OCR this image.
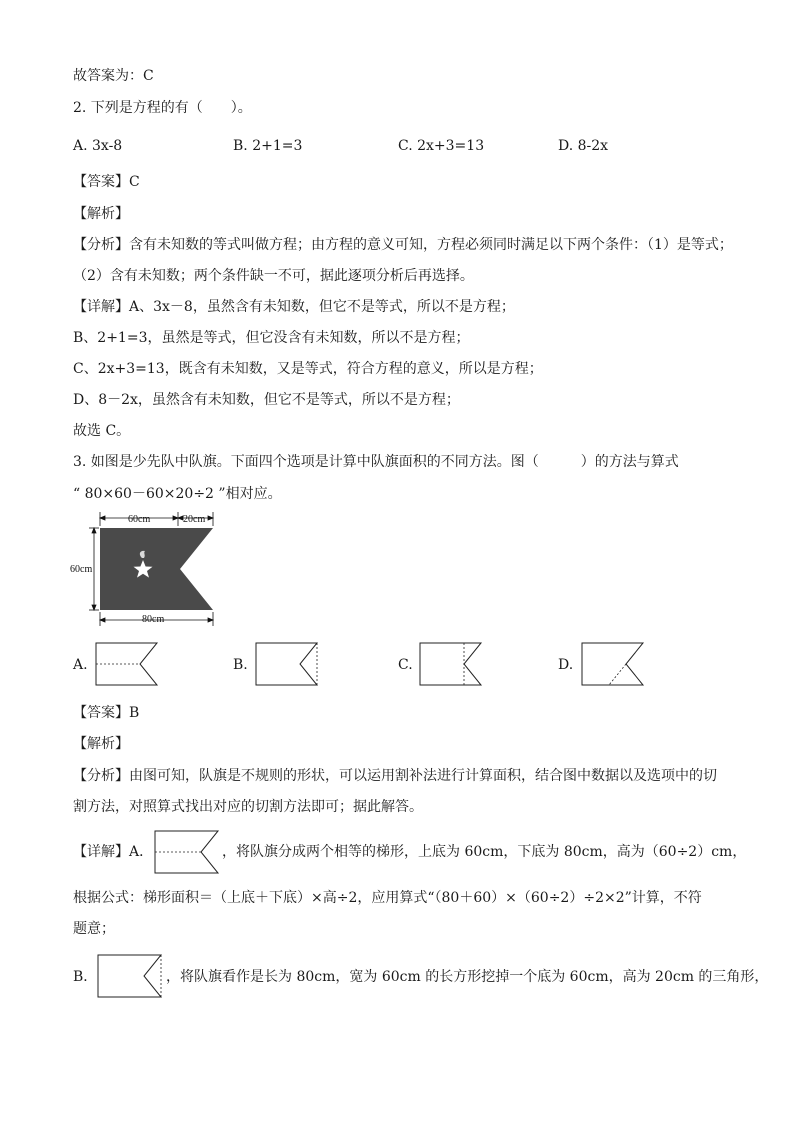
故答案为：C
2. 下列是方程的有（　　）。
A. 3x-8	B. 2+1=3	C. 2x+3=13	D. 8-2x
【答案】C
【解析】
【分析】含有未知数的等式叫做方程；由方程的意义可知，方程必须同时满足以下两个条件：（1）是等式；
（2）含有未知数；两个条件缺一不可，据此逐项分析后再选择。
【详解】A、3x－8，虽然含有未知数，但它不是等式，所以不是方程；
B、2+1=3，虽然是等式，但它没含有未知数，所以不是方程；
C、2x+3=13，既含有未知数，又是等式，符合方程的意义，所以是方程；
D、8－2x，虽然含有未知数，但它不是等式，所以不是方程；
故选 C。
3. 如图是少先队中队旗。下面四个选项是计算中队旗面积的不同方法。图（　　　）的方法与算式
“ 80×60－60×20÷2 ”相对应。
60cm	20cm
60cm
80cm
A.	B.	C.	D.
【答案】B
【解析】
【分析】由图可知，队旗是不规则的形状，可以运用割补法进行计算面积，结合图中数据以及选项中的切
割方法，对照算式找出对应的切割方法即可；据此解答。
【详解】A．	，将队旗分成两个相等的梯形，上底为 60cm，下底为 80cm，高为（60÷2）cm，
根据公式：梯形面积＝（上底＋下底）×高÷2，应用算式“（80＋60）×（60÷2）÷2×2”计算，不符
题意；
B．	，将队旗看作是长为 80cm，宽为 60cm 的长方形挖掉一个底为 60cm，高为 20cm 的三角形，
